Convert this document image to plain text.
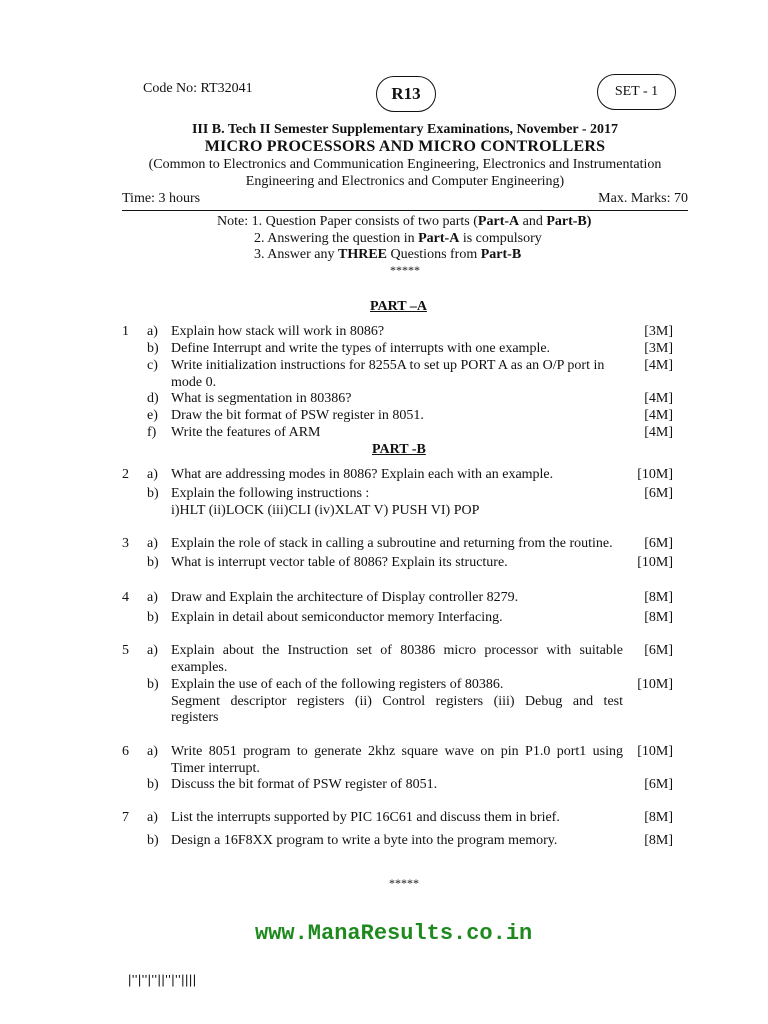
Code No: RT32041	R13	SET - 1
III B. Tech II Semester Supplementary Examinations, November - 2017
MICRO PROCESSORS AND MICRO CONTROLLERS
(Common to Electronics and Communication Engineering, Electronics and Instrumentation
Engineering and Electronics and Computer Engineering)
Time: 3 hours	Max. Marks: 70
Note: 1. Question Paper consists of two parts (Part-A and Part-B)
2. Answering the question in Part-A is compulsory
3. Answer any THREE Questions from Part-B
*****
PART –A
1 a) Explain how stack will work in 8086?	[3M]
b) Define Interrupt and write the types of interrupts with one example.	[3M]
c) Write initialization instructions for 8255A to set up PORT A as an O/P port in
mode 0.
[4M]
d) What is segmentation in 80386?	[4M]
e) Draw the bit format of PSW register in 8051.	[4M]
f) Write the features of ARM	[4M]
PART -B
2 a) What are addressing modes in 8086? Explain each with an example.	[10M]
b) Explain the following instructions :
i)HLT (ii)LOCK (iii)CLI (iv)XLAT V) PUSH VI) POP
[6M]
3 a) Explain the role of stack in calling a subroutine and returning from the routine. [6M]
b) What is interrupt vector table of 8086? Explain its structure.	[10M]
4 a) Draw and Explain the architecture of Display controller 8279.	[8M]
b) Explain in detail about semiconductor memory Interfacing.	[8M]
5 a) Explain about the Instruction set of 80386 micro processor with suitable
examples.
[6M]
b) Explain the use of each of the following registers of 80386.
Segment descriptor registers (ii) Control registers (iii) Debug and test
registers
[10M]
6 a) Write 8051 program to generate 2khz square wave on pin P1.0 port1 using
Timer interrupt.
[10M]
b) Discuss the bit format of PSW register of 8051.	[6M]
7 a) List the interrupts supported by PIC 16C61 and discuss them in brief.	[8M]
b) Design a 16F8XX program to write a byte into the program memory.	[8M]
*****
www.ManaResults.co.in
|''|''|''||''|''||||
